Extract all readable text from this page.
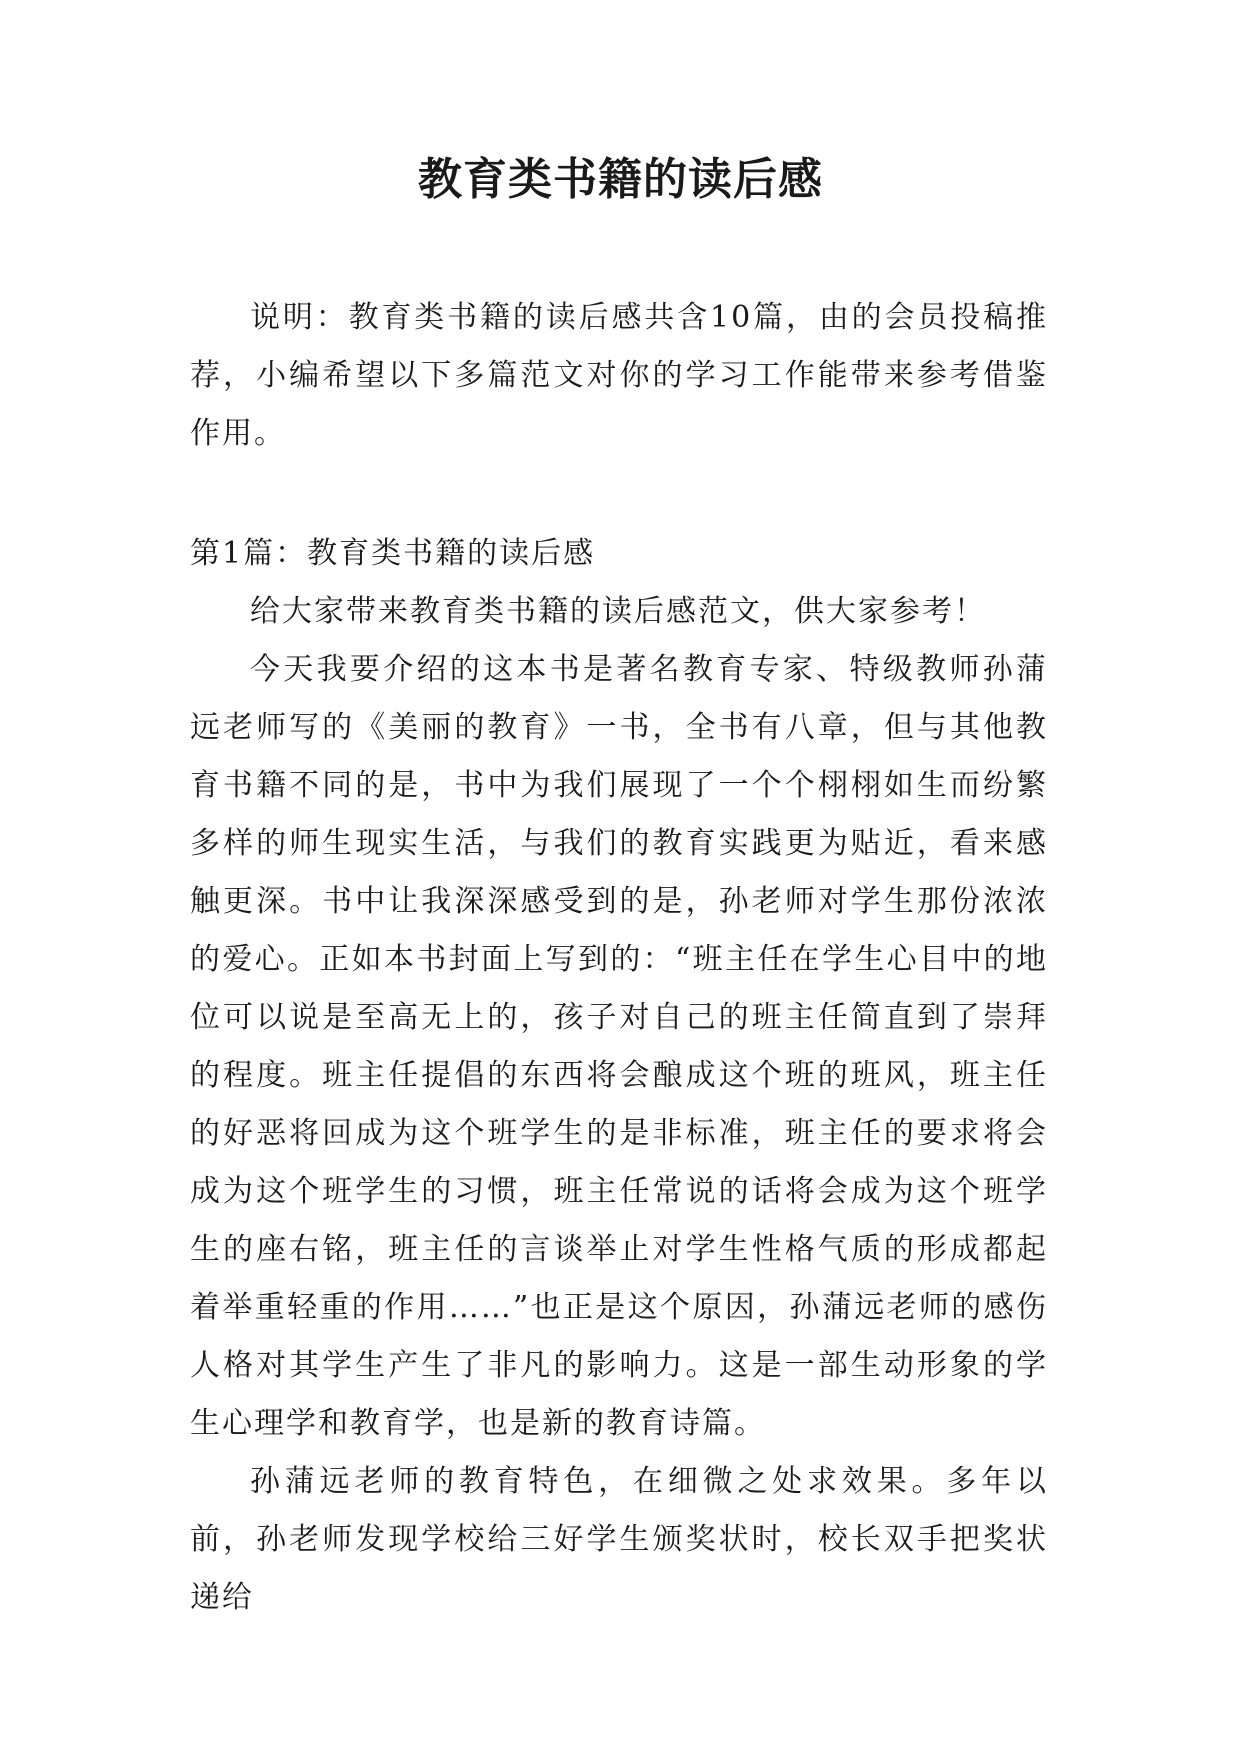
教育类书籍的读后感

说明：教育类书籍的读后感共含10篇，由的会员投稿推荐，小编希望以下多篇范文对你的学习工作能带来参考借鉴作用。

第1篇：教育类书籍的读后感

给大家带来教育类书籍的读后感范文，供大家参考！

今天我要介绍的这本书是著名教育专家、特级教师孙蒲远老师写的《美丽的教育》一书，全书有八章，但与其他教育书籍不同的是，书中为我们展现了一个个栩栩如生而纷繁多样的师生现实生活，与我们的教育实践更为贴近，看来感触更深。书中让我深深感受到的是，孙老师对学生那份浓浓的爱心。正如本书封面上写到的：“班主任在学生心目中的地位可以说是至高无上的，孩子对自己的班主任简直到了崇拜的程度。班主任提倡的东西将会酿成这个班的班风，班主任的好恶将回成为这个班学生的是非标准，班主任的要求将会成为这个班学生的习惯，班主任常说的话将会成为这个班学生的座右铭，班主任的言谈举止对学生性格气质的形成都起着举重轻重的作用……”也正是这个原因，孙蒲远老师的感伤人格对其学生产生了非凡的影响力。这是一部生动形象的学生心理学和教育学，也是新的教育诗篇。

孙蒲远老师的教育特色，在细微之处求效果。多年以前，孙老师发现学校给三好学生颁奖状时，校长双手把奖状递给
